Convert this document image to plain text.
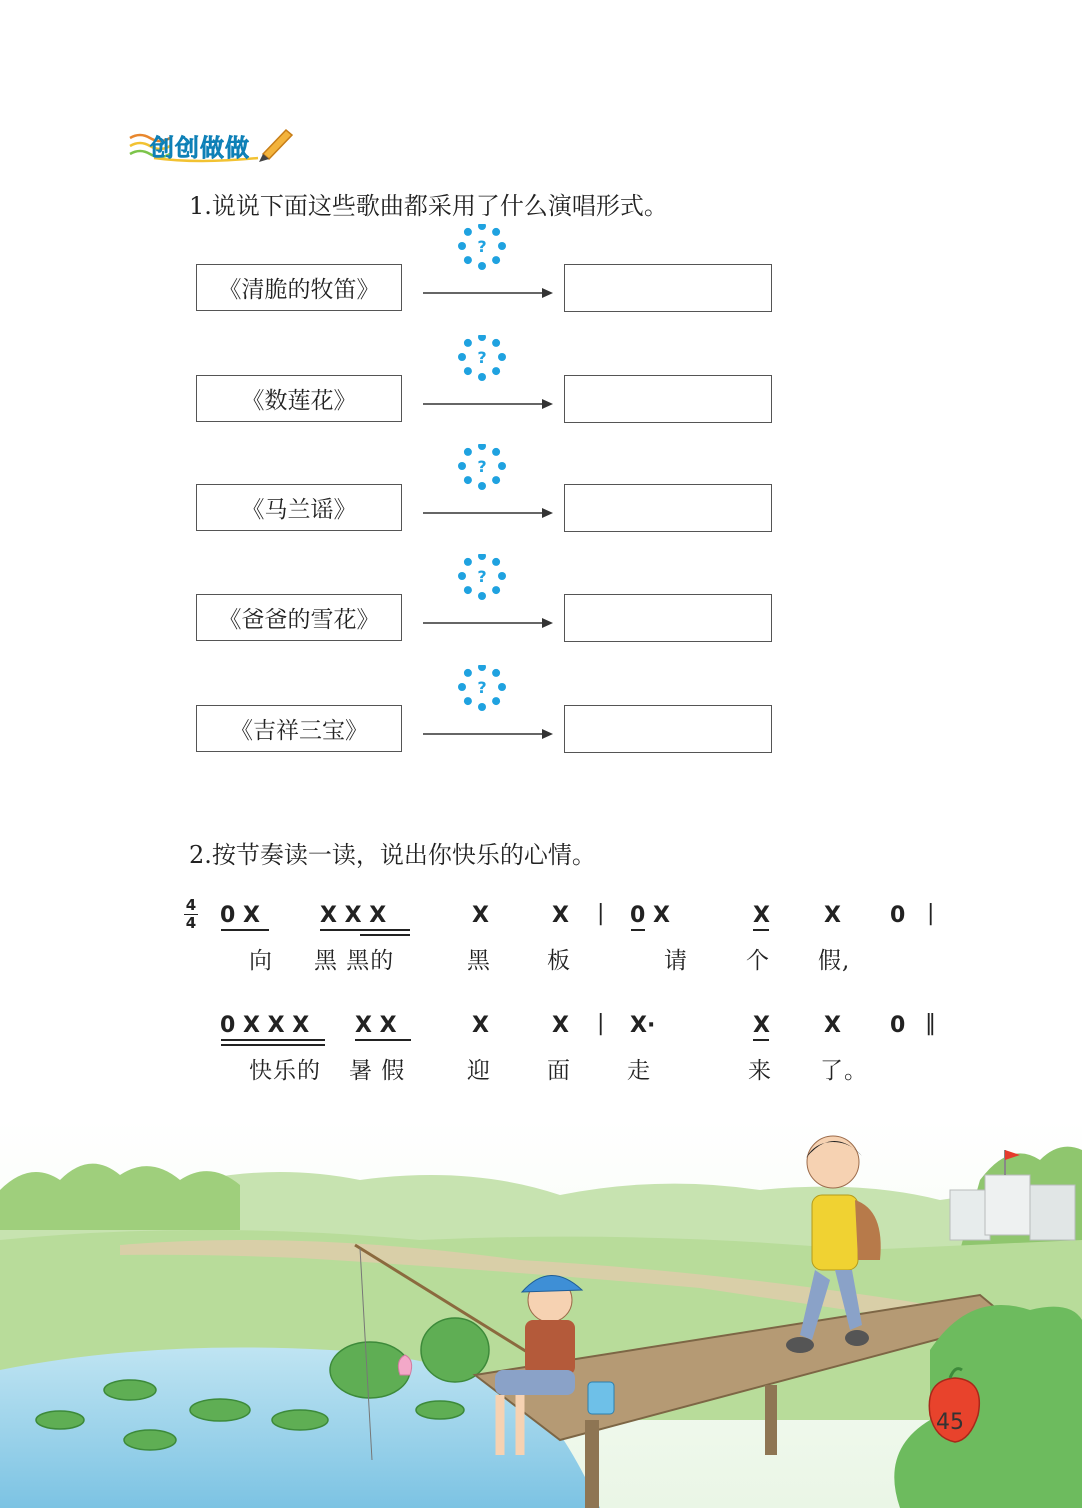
创创做做
1.说说下面这些歌曲都采用了什么演唱形式。
《清脆的牧笛》
?
《数莲花》
?
《马兰谣》
?
《爸爸的雪花》
?
《吉祥三宝》
?
2.按节奏读一读，说出你快乐的心情。
4
4 0 X	X X X	X	X | 0 X	X X 0 |
向 黑 黑的	黑 板	请	个 假,
0 X X X X X	X	X | X·	X X 0 ‖
快乐的 暑 假	迎 面 走	来 了。
45
